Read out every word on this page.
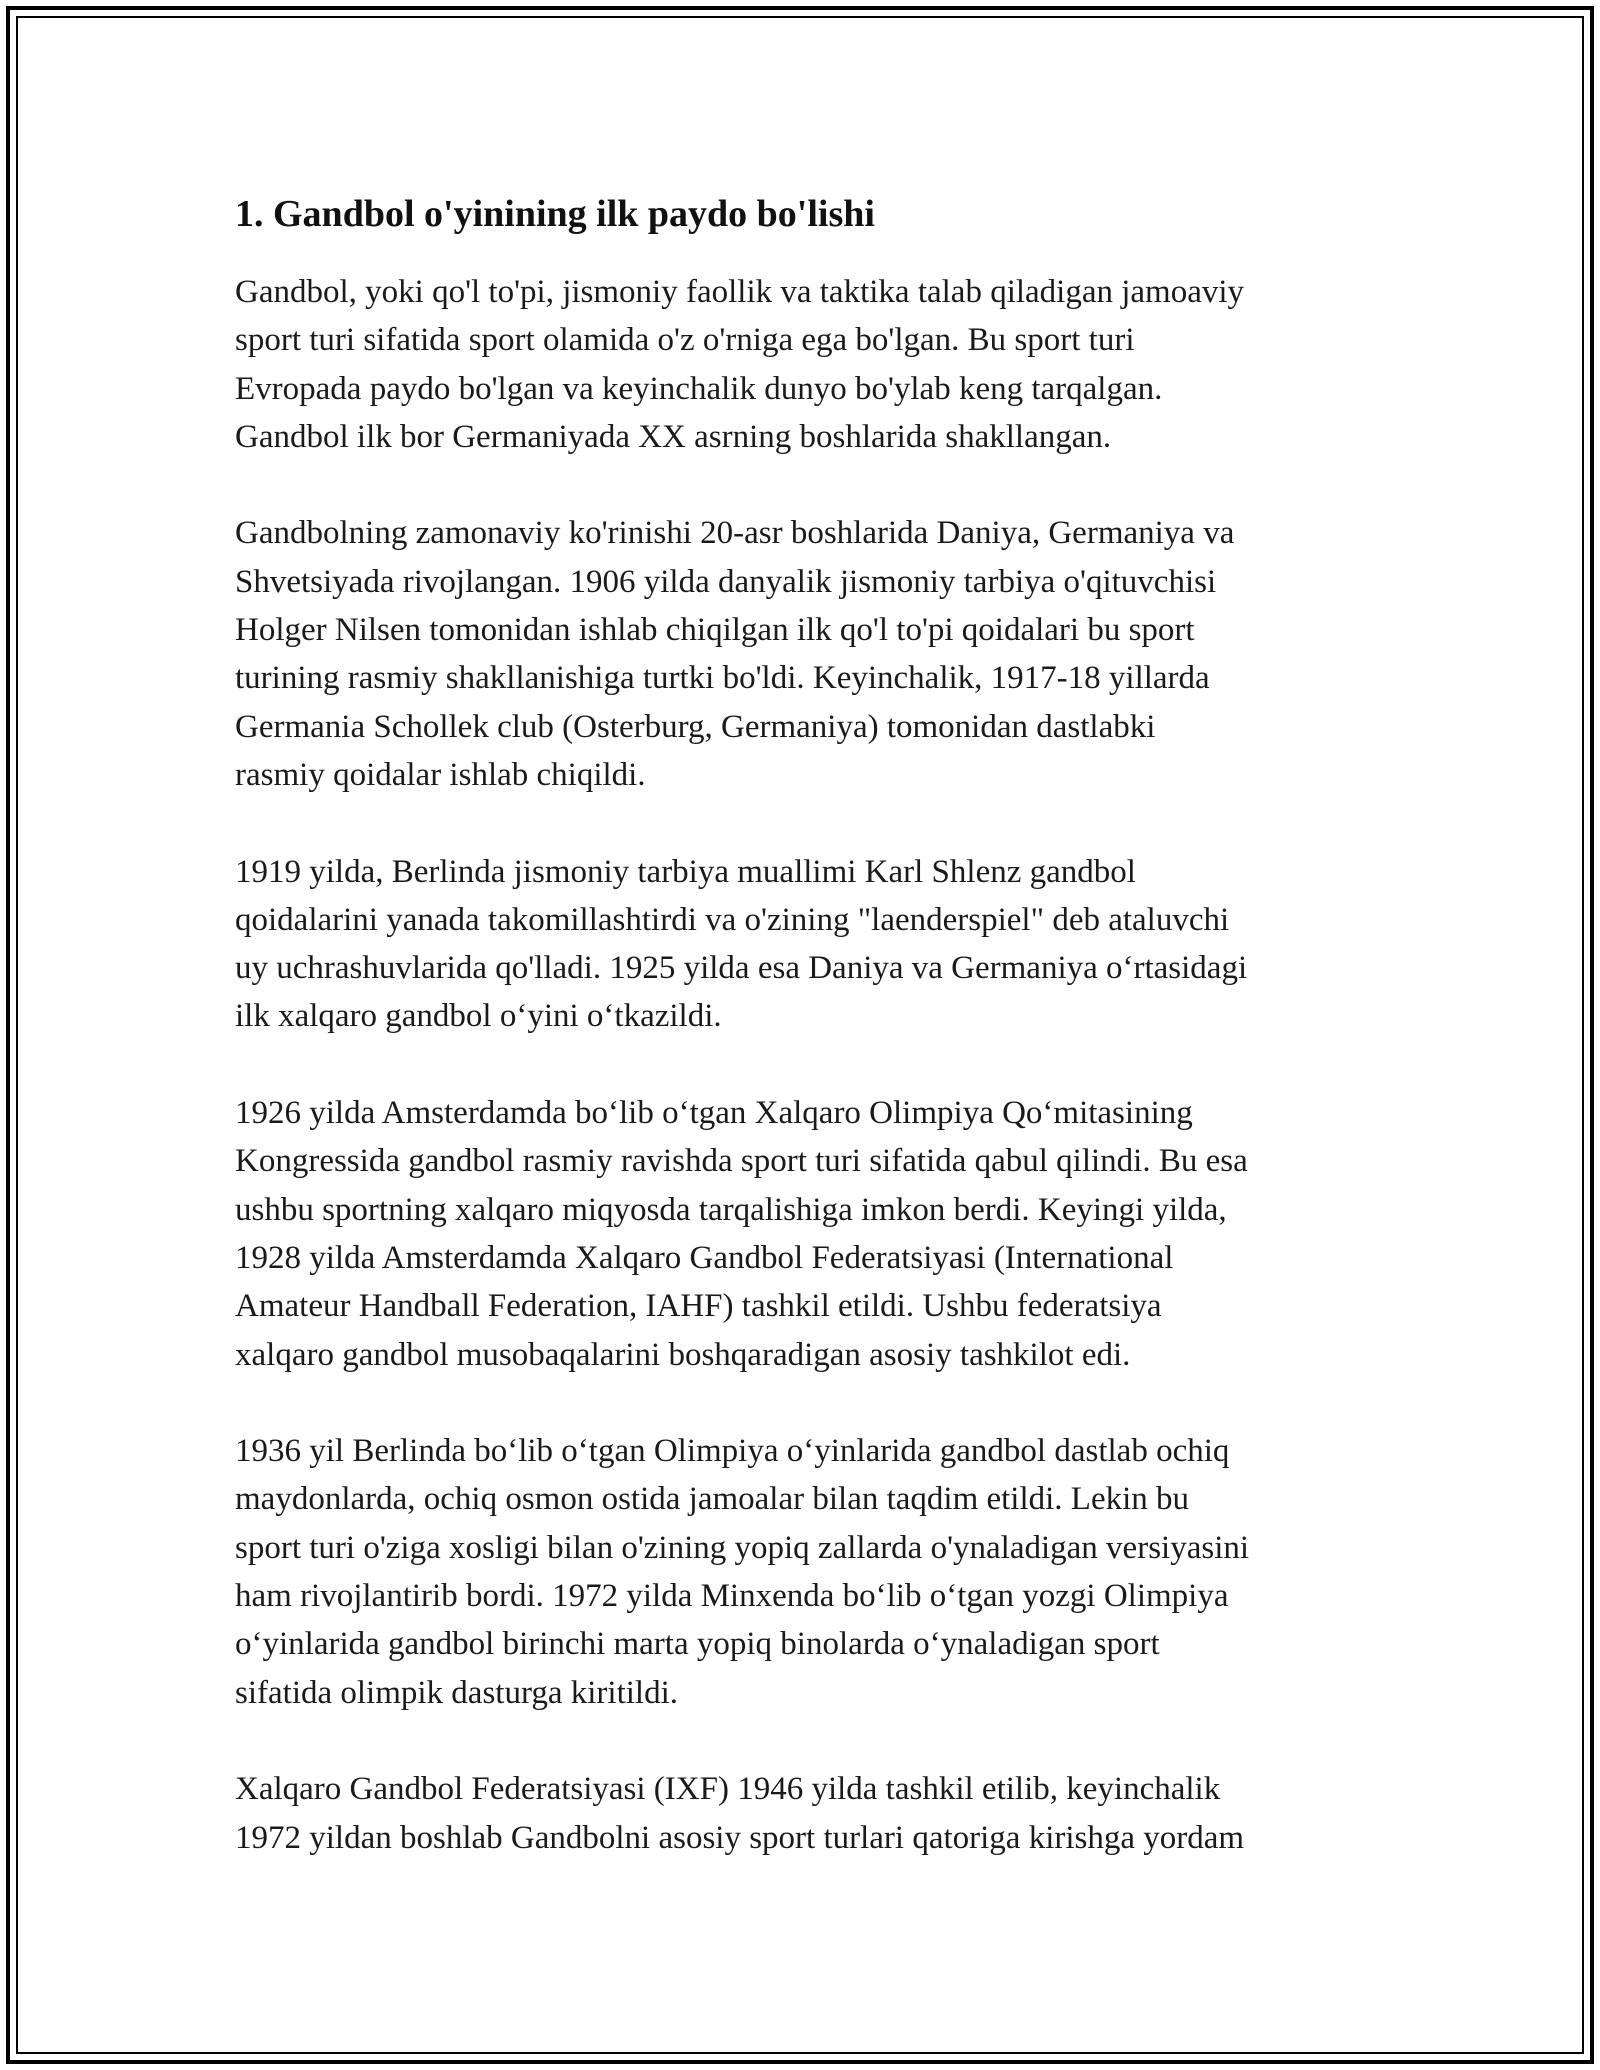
1. Gandbol o'yinining ilk paydo bo'lishi

Gandbol, yoki qo'l to'pi, jismoniy faollik va taktika talab qiladigan jamoaviy
sport turi sifatida sport olamida o'z o'rniga ega bo'lgan. Bu sport turi
Evropada paydo bo'lgan va keyinchalik dunyo bo'ylab keng tarqalgan.
Gandbol ilk bor Germaniyada XX asrning boshlarida shakllangan.

Gandbolning zamonaviy ko'rinishi 20-asr boshlarida Daniya, Germaniya va
Shvetsiyada rivojlangan. 1906 yilda danyalik jismoniy tarbiya o'qituvchisi
Holger Nilsen tomonidan ishlab chiqilgan ilk qo'l to'pi qoidalari bu sport
turining rasmiy shakllanishiga turtki bo'ldi. Keyinchalik, 1917-18 yillarda
Germania Schollek club (Osterburg, Germaniya) tomonidan dastlabki
rasmiy qoidalar ishlab chiqildi.

1919 yilda, Berlinda jismoniy tarbiya muallimi Karl Shlenz gandbol
qoidalarini yanada takomillashtirdi va o'zining "laenderspiel" deb ataluvchi
uy uchrashuvlarida qo'lladi. 1925 yilda esa Daniya va Germaniya o‘rtasidagi
ilk xalqaro gandbol o‘yini o‘tkazildi.

1926 yilda Amsterdamda bo‘lib o‘tgan Xalqaro Olimpiya Qo‘mitasining
Kongressida gandbol rasmiy ravishda sport turi sifatida qabul qilindi. Bu esa
ushbu sportning xalqaro miqyosda tarqalishiga imkon berdi. Keyingi yilda,
1928 yilda Amsterdamda Xalqaro Gandbol Federatsiyasi (International
Amateur Handball Federation, IAHF) tashkil etildi. Ushbu federatsiya
xalqaro gandbol musobaqalarini boshqaradigan asosiy tashkilot edi.

1936 yil Berlinda bo‘lib o‘tgan Olimpiya o‘yinlarida gandbol dastlab ochiq
maydonlarda, ochiq osmon ostida jamoalar bilan taqdim etildi. Lekin bu
sport turi o'ziga xosligi bilan o'zining yopiq zallarda o'ynaladigan versiyasini
ham rivojlantirib bordi. 1972 yilda Minxenda bo‘lib o‘tgan yozgi Olimpiya
o‘yinlarida gandbol birinchi marta yopiq binolarda o‘ynaladigan sport
sifatida olimpik dasturga kiritildi.

Xalqaro Gandbol Federatsiyasi (IXF) 1946 yilda tashkil etilib, keyinchalik
1972 yildan boshlab Gandbolni asosiy sport turlari qatoriga kirishga yordam
